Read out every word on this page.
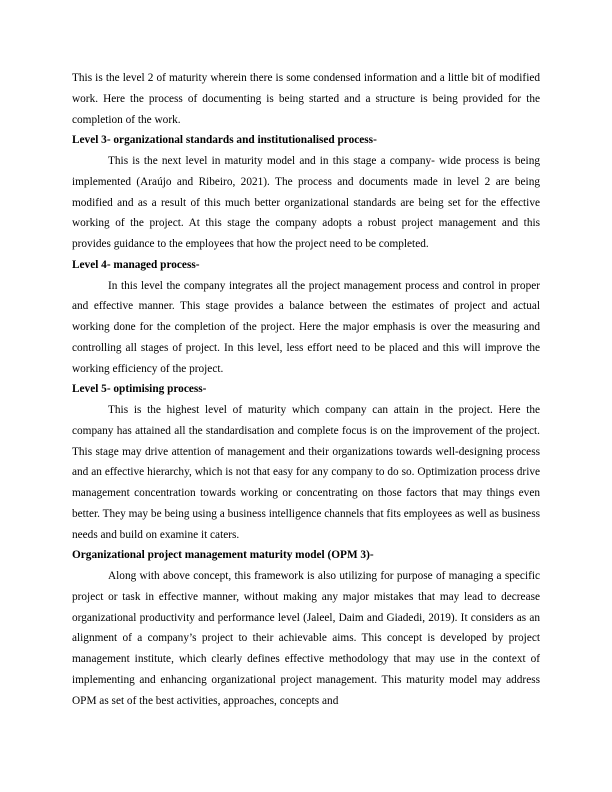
This is the level 2 of maturity wherein there is some condensed information and a little bit of modified work. Here the process of documenting is being started and a structure is being provided for the completion of the work.

Level 3- organizational standards and institutionalised process-

This is the next level in maturity model and in this stage a company- wide process is being implemented (Araújo and Ribeiro, 2021). The process and documents made in level 2 are being modified and as a result of this much better organizational standards are being set for the effective working of the project. At this stage the company adopts a robust project management and this provides guidance to the employees that how the project need to be completed.

Level 4- managed process-

In this level the company integrates all the project management process and control in proper and effective manner. This stage provides a balance between the estimates of project and actual working done for the completion of the project. Here the major emphasis is over the measuring and controlling all stages of project. In this level, less effort need to be placed and this will improve the working efficiency of the project.

Level 5- optimising process-

This is the highest level of maturity which company can attain in the project. Here the company has attained all the standardisation and complete focus is on the improvement of the project. This stage may drive attention of management and their organizations towards well-designing process and an effective hierarchy, which is not that easy for any company to do so. Optimization process drive management concentration towards working or concentrating on those factors that may things even better. They may be being using a business intelligence channels that fits employees as well as business needs and build on examine it caters.

Organizational project management maturity model (OPM 3)-

Along with above concept, this framework is also utilizing for purpose of managing a specific project or task in effective manner, without making any major mistakes that may lead to decrease organizational productivity and performance level (Jaleel, Daim and Giadedi, 2019). It considers as an alignment of a company’s project to their achievable aims. This concept is developed by project management institute, which clearly defines effective methodology that may use in the context of implementing and enhancing organizational project management. This maturity model may address OPM as set of the best activities, approaches, concepts and
